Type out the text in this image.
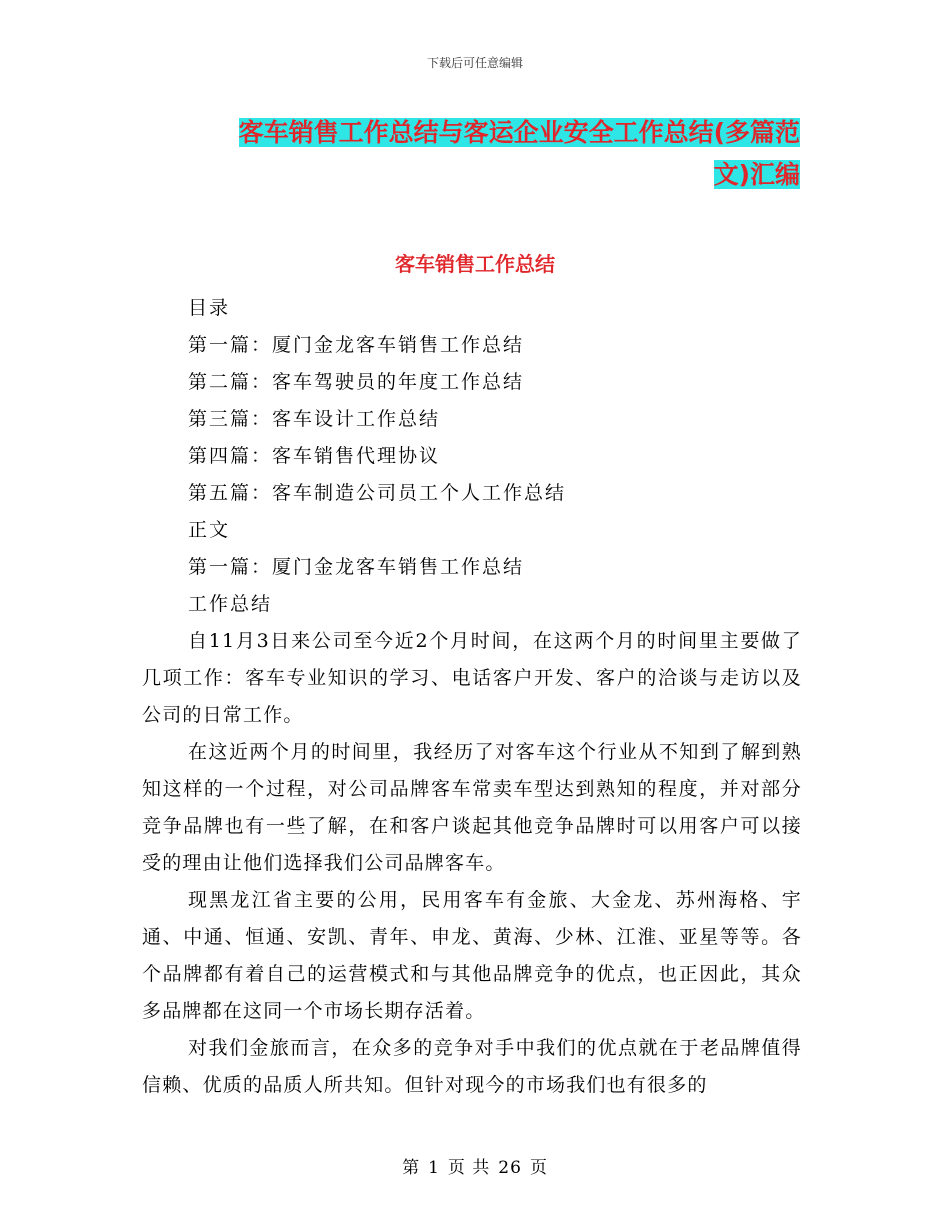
下载后可任意编辑
客车销售工作总结与客运企业安全工作总结(多篇范
文)汇编
客车销售工作总结

目录

第一篇：厦门金龙客车销售工作总结

第二篇：客车驾驶员的年度工作总结

第三篇：客车设计工作总结

第四篇：客车销售代理协议

第五篇：客车制造公司员工个人工作总结

正文

第一篇：厦门金龙客车销售工作总结

工作总结

自11月3日来公司至今近2个月时间，在这两个月的时间里主要做了几项工作：客车专业知识的学习、电话客户开发、客户的洽谈与走访以及公司的日常工作。

在这近两个月的时间里，我经历了对客车这个行业从不知到了解到熟知这样的一个过程，对公司品牌客车常卖车型达到熟知的程度，并对部分竞争品牌也有一些了解，在和客户谈起其他竞争品牌时可以用客户可以接受的理由让他们选择我们公司品牌客车。

现黑龙江省主要的公用，民用客车有金旅、大金龙、苏州海格、宇通、中通、恒通、安凯、青年、申龙、黄海、少林、江淮、亚星等等。各个品牌都有着自己的运营模式和与其他品牌竞争的优点，也正因此，其众多品牌都在这同一个市场长期存活着。

对我们金旅而言，在众多的竞争对手中我们的优点就在于老品牌值得信赖、优质的品质人所共知。但针对现今的市场我们也有很多的

第 1 页 共 26 页
